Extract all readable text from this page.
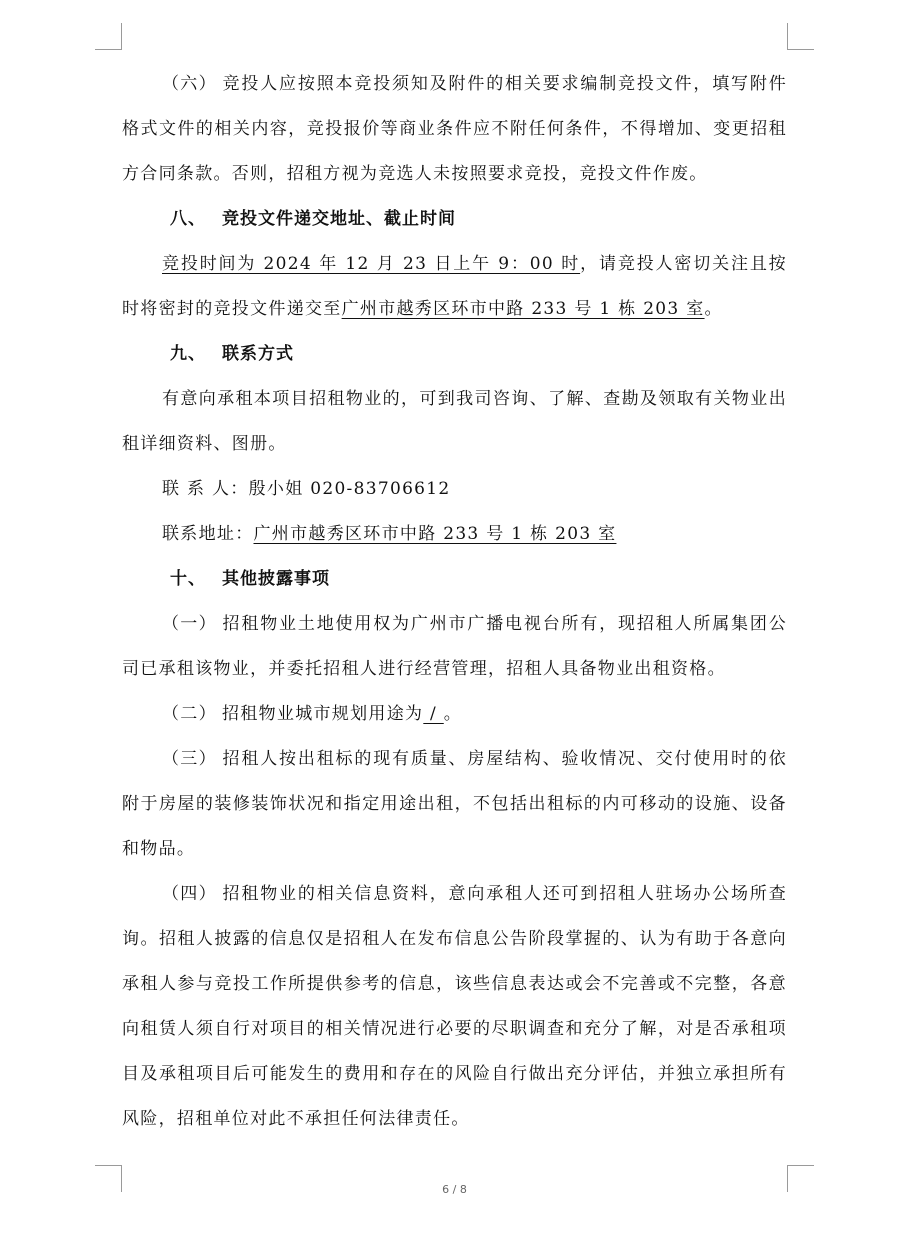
（六） 竞投人应按照本竞投须知及附件的相关要求编制竞投文件，填写附件格式文件的相关内容，竞投报价等商业条件应不附任何条件，不得增加、变更招租方合同条款。否则，招租方视为竞选人未按照要求竞投，竞投文件作废。

八、 竞投文件递交地址、截止时间

竞投时间为 2024 年 12 月 23 日上午 9：00 时，请竞投人密切关注且按时将密封的竞投文件递交至广州市越秀区环市中路 233 号 1 栋 203 室。

九、 联系方式

有意向承租本项目招租物业的，可到我司咨询、了解、查勘及领取有关物业出租详细资料、图册。

联 系 人：殷小姐 020-83706612

联系地址：广州市越秀区环市中路 233 号 1 栋 203 室

十、 其他披露事项

（一） 招租物业土地使用权为广州市广播电视台所有，现招租人所属集团公司已承租该物业，并委托招租人进行经营管理，招租人具备物业出租资格。

（二） 招租物业城市规划用途为 / 。

（三） 招租人按出租标的现有质量、房屋结构、验收情况、交付使用时的依附于房屋的装修装饰状况和指定用途出租，不包括出租标的内可移动的设施、设备和物品。

（四） 招租物业的相关信息资料，意向承租人还可到招租人驻场办公场所查询。招租人披露的信息仅是招租人在发布信息公告阶段掌握的、认为有助于各意向承租人参与竞投工作所提供参考的信息，该些信息表达或会不完善或不完整，各意向租赁人须自行对项目的相关情况进行必要的尽职调查和充分了解，对是否承租项目及承租项目后可能发生的费用和存在的风险自行做出充分评估，并独立承担所有风险，招租单位对此不承担任何法律责任。

6 / 8
